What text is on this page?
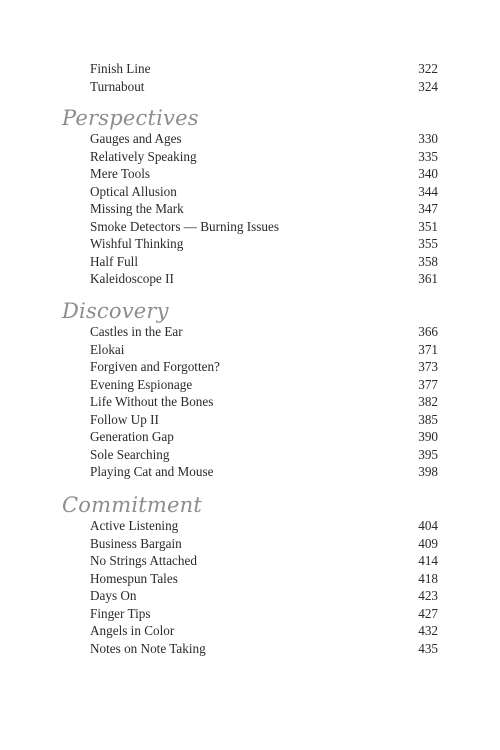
Finish Line	322
Turnabout	324
Perspectives
Gauges and Ages	330
Relatively Speaking	335
Mere Tools	340
Optical Allusion	344
Missing the Mark	347
Smoke Detectors — Burning Issues	351
Wishful Thinking	355
Half Full	358
Kaleidoscope II	361
Discovery
Castles in the Ear	366
Elokai	371
Forgiven and Forgotten?	373
Evening Espionage	377
Life Without the Bones	382
Follow Up II	385
Generation Gap	390
Sole Searching	395
Playing Cat and Mouse	398
Commitment
Active Listening	404
Business Bargain	409
No Strings Attached	414
Homespun Tales	418
Days On	423
Finger Tips	427
Angels in Color	432
Notes on Note Taking	435
